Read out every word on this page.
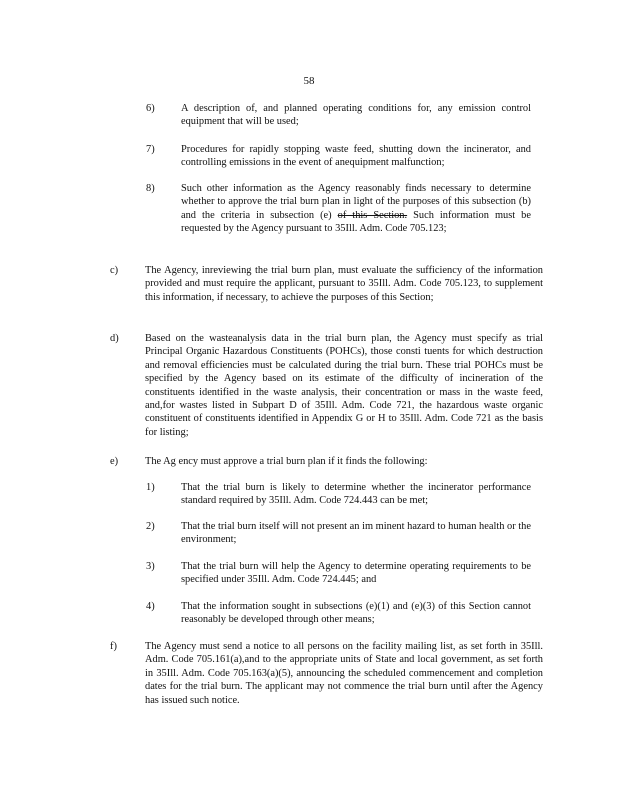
58
6)	A description of, and planned operating conditions for, any emission control equipment that will be used;
7)	Procedures for rapidly stopping waste feed, shutting down the incinerator, and controlling emissions in the event of anequipment malfunction;
8)	Such other information as the Agency reasonably finds necessary to determine whether to approve the trial burn plan in light of the purposes of this subsection (b) and the criteria in subsection (e) of this Section. Such information must be requested by the Agency pursuant to 35Ill. Adm. Code 705.123;
c)	The Agency, inreviewing the trial burn plan, must evaluate the sufficiency of the information provided and must require the applicant, pursuant to 35Ill. Adm. Code 705.123, to supplement this information, if necessary, to achieve the purposes of this Section;
d)	Based on the wasteanalysis data in the trial burn plan, the Agency must specify as trial Principal Organic Hazardous Constituents (POHCs), those consti tuents for which destruction and removal efficiencies must be calculated during the trial burn. These trial POHCs must be specified by the Agency based on its estimate of the difficulty of incineration of the constituents identified in the waste analysis, their concentration or mass in the waste feed, and,for wastes listed in Subpart D of 35Ill. Adm. Code 721, the hazardous waste organic constituent of constituents identified in Appendix G or H to 35Ill. Adm. Code 721 as the basis for listing;
e)	The Ag ency must approve a trial burn plan if it finds the following:
1)	That the trial burn is likely to determine whether the incinerator performance standard required by 35Ill. Adm. Code 724.443 can be met;
2)	That the trial burn itself will not present an im minent hazard to human health or the environment;
3)	That the trial burn will help the Agency to determine operating requirements to be specified under 35Ill. Adm. Code 724.445; and
4)	That the information sought in subsections (e)(1) and (e)(3) of this Section cannot reasonably be developed through other means;
f)	The Agency must send a notice to all persons on the facility mailing list, as set forth in 35Ill. Adm. Code 705.161(a),and to the appropriate units of State and local government, as set forth in 35Ill. Adm. Code 705.163(a)(5), announcing the scheduled commencement and completion dates for the trial burn. The applicant may not commence the trial burn until after the Agency has issued such notice.
